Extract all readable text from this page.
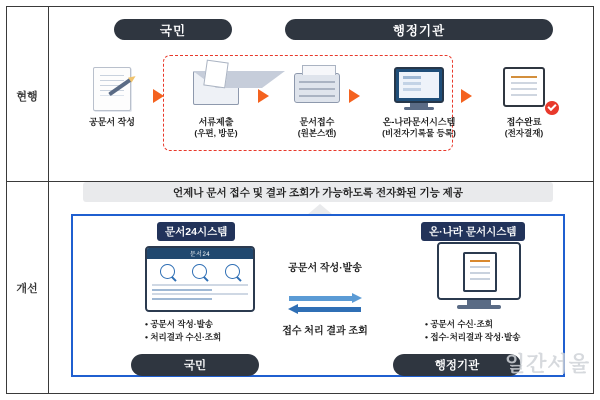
현행
개선
국민	행정기관
공문서 작성	서류제출
(우편, 방문)
문서접수
(원본스캔)
온-나라문서시스템
(비전자기록물 등록)
접수완료
(전자결재)
언제나 문서 접수 및 결과 조회가 가능하도록 전자화된 기능 제공
문서24시스템	온·나라 문서시스템
문서24
• 공문서 작성·발송
• 처리결과 수신·조회
국민
공문서 작성·발송
접수 처리 결과 조회
• 공문서 수신·조회
• 접수·처리결과 작성·발송
행정기관	일간서울
